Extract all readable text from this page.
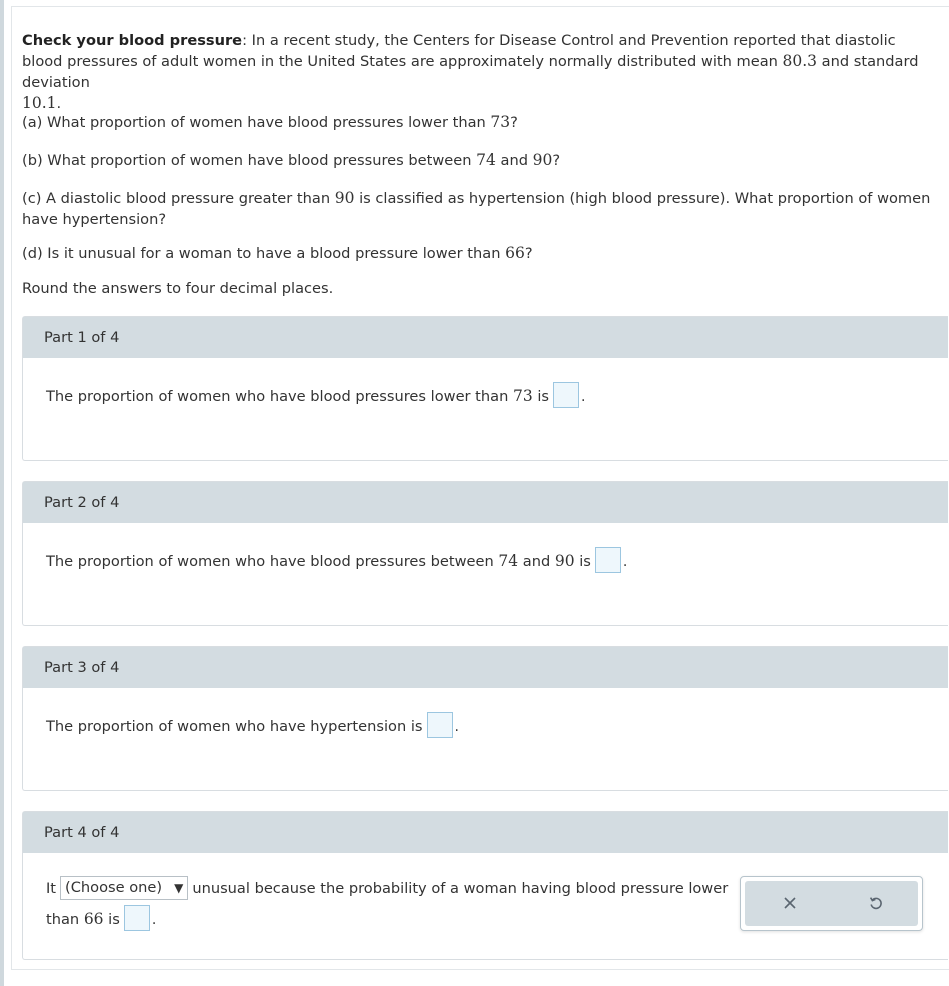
Check your blood pressure: In a recent study, the Centers for Disease Control and Prevention reported that diastolic blood pressures of adult women in the United States are approximately normally distributed with mean 80.3 and standard deviation
10.1.

(a) What proportion of women have blood pressures lower than 73?

(b) What proportion of women have blood pressures between 74 and 90?

(c) A diastolic blood pressure greater than 90 is classified as hypertension (high blood pressure). What proportion of women have hypertension?

(d) Is it unusual for a woman to have a blood pressure lower than 66?

Round the answers to four decimal places.

Part 1 of 4
The proportion of women who have blood pressures lower than 73 is .
Part 2 of 4
The proportion of women who have blood pressures between 74 and 90 is .
Part 3 of 4
The proportion of women who have hypertension is .
Part 4 of 4
It (Choose one) ▼ unusual because the probability of a woman having blood pressure lower
than 66 is .
